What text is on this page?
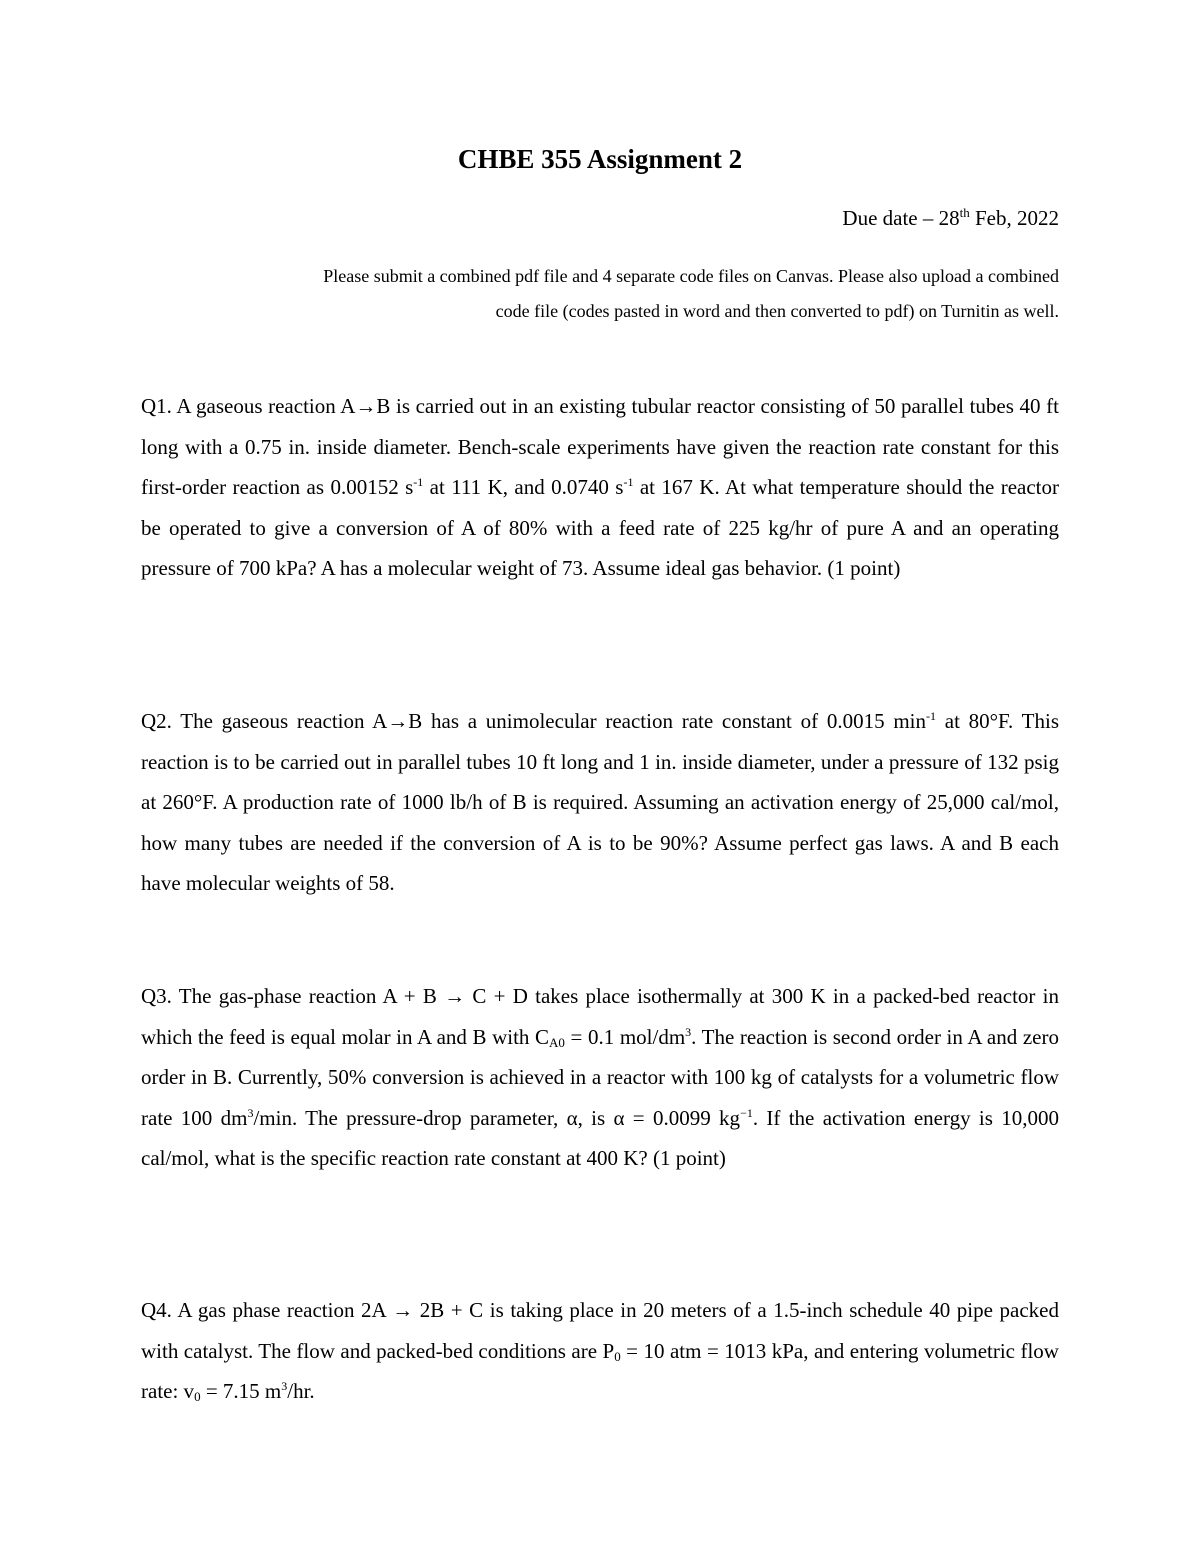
CHBE 355 Assignment 2
Due date – 28th Feb, 2022
Please submit a combined pdf file and 4 separate code files on Canvas. Please also upload a combined
code file (codes pasted in word and then converted to pdf) on Turnitin as well.
Q1. A gaseous reaction A→B is carried out in an existing tubular reactor consisting of 50 parallel tubes 40 ft long with a 0.75 in. inside diameter. Bench-scale experiments have given the reaction rate constant for this first-order reaction as 0.00152 $s^{-1}$ at 111 K, and 0.0740 $s^{-1}$ at 167 K. At what temperature should the reactor be operated to give a conversion of A of 80% with a feed rate of 225 kg/hr of pure A and an operating pressure of 700 kPa? A has a molecular weight of 73. Assume ideal gas behavior. (1 point)
Q2. The gaseous reaction A→B has a unimolecular reaction rate constant of 0.0015 $\min^{-1}$ at 80°F. This reaction is to be carried out in parallel tubes 10 ft long and 1 in. inside diameter, under a pressure of 132 psig at 260°F. A production rate of 1000 lb/h of B is required. Assuming an activation energy of 25,000 cal/mol, how many tubes are needed if the conversion of A is to be 90%? Assume perfect gas laws. A and B each have molecular weights of 58.
Q3. The gas-phase reaction A + B → C + D takes place isothermally at 300 K in a packed-bed reactor in which the feed is equal molar in A and B with $C_{A0} = 0.1$ mol/$dm^3$. The reaction is second order in A and zero order in B. Currently, 50% conversion is achieved in a reactor with 100 kg of catalysts for a volumetric flow rate 100 $dm^3/\min$. The pressure-drop parameter, α, is α = 0.0099 $kg^{-1}$. If the activation energy is 10,000 cal/mol, what is the specific reaction rate constant at 400 K? (1 point)
Q4. A gas phase reaction 2A → 2B + C is taking place in 20 meters of a 1.5-inch schedule 40 pipe packed with catalyst. The flow and packed-bed conditions are $P_0 = 10$ atm = 1013 kPa, and entering volumetric flow rate: $v_0 = 7.15$ $m^3/hr$.
